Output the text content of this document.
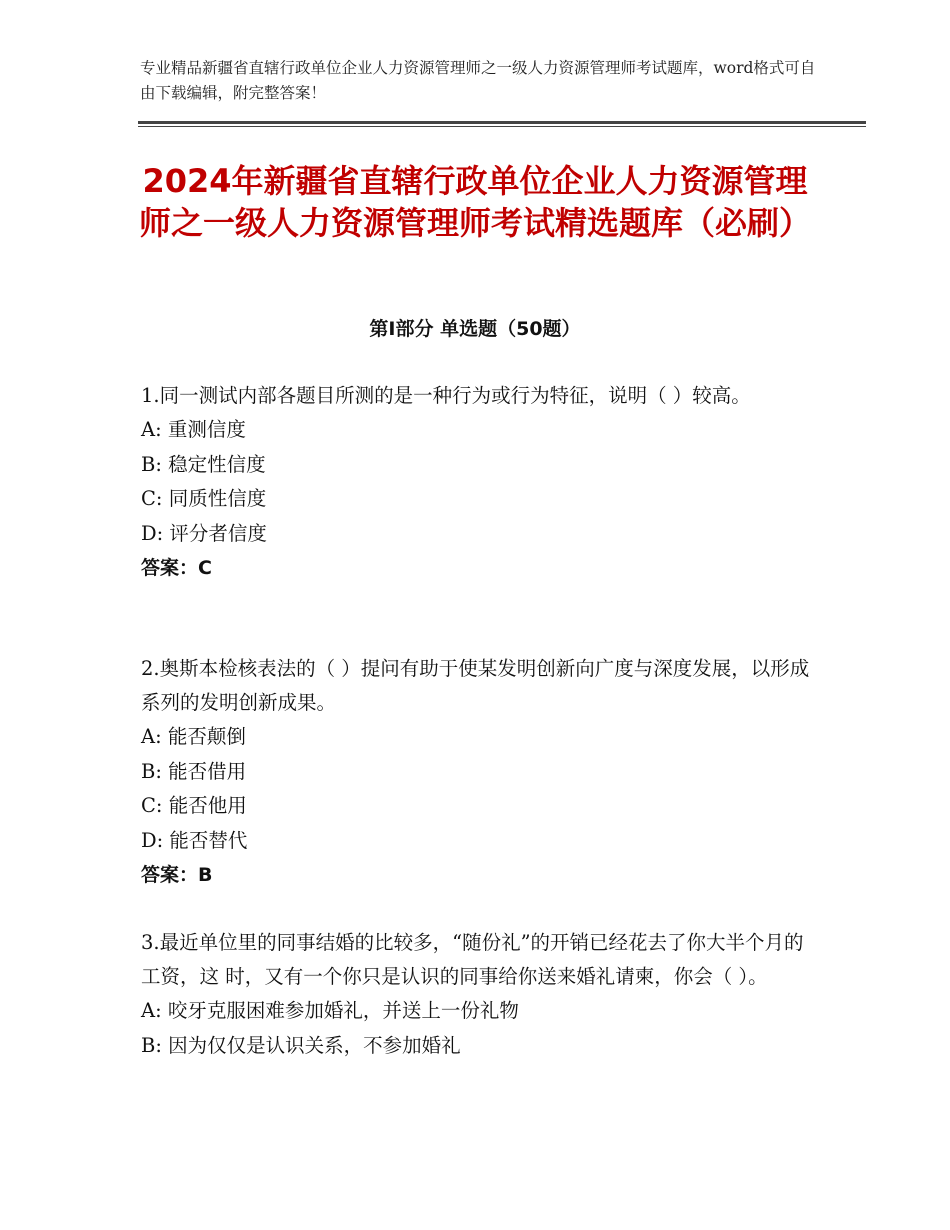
专业精品新疆省直辖行政单位企业人力资源管理师之一级人力资源管理师考试题库，word格式可自由下载编辑，附完整答案！
2024年新疆省直辖行政单位企业人力资源管理师之一级人力资源管理师考试精选题库（必刷）
第Ⅰ部分 单选题（50题）

1.同一测试内部各题目所测的是一种行为或行为特征，说明（ ）较高。

A: 重测信度

B: 稳定性信度

C: 同质性信度

D: 评分者信度

答案：C

2.奥斯本检核表法的（ ）提问有助于使某发明创新向广度与深度发展，以形成系列的发明创新成果。

A: 能否颠倒

B: 能否借用

C: 能否他用

D: 能否替代

答案：B

3.最近单位里的同事结婚的比较多，“随份礼”的开销已经花去了你大半个月的工资，这 时，又有一个你只是认识的同事给你送来婚礼请柬，你会（ ）。

A: 咬牙克服困难参加婚礼，并送上一份礼物

B: 因为仅仅是认识关系，不参加婚礼
